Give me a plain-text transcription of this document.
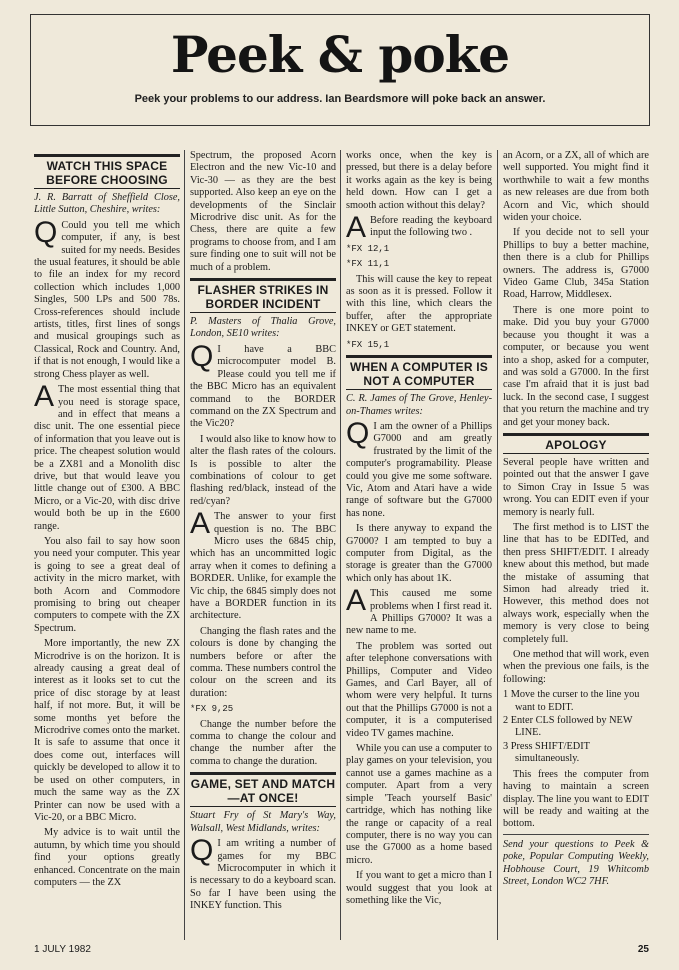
Peek & poke
Peek your problems to our address. Ian Beardsmore will poke back an answer.
WATCH THIS SPACE BEFORE CHOOSING

J. R. Barratt of Sheffield Close, Little Sutton, Cheshire, writes:

Q Could you tell me which computer, if any, is best suited for my needs. Besides the usual features, it should be able to file an index for my record collection which includes 1,000 Singles, 500 LPs and 500 78s. Cross-references should include artists, titles, first lines of songs and musical groupings such as Classical, Rock and Country. And, if that is not enough, I would like a strong Chess player as well.

A The most essential thing that you need is storage space, and in effect that means a disc unit. The one essential piece of information that you leave out is price. The cheapest solution would be a ZX81 and a Monolith disc drive, but that would leave you little change out of £300. A BBC Micro, or a Vic-20, with disc drive would both be up in the £600 range.

You also fail to say how soon you need your computer. This year is going to see a great deal of activity in the micro market, with both Acorn and Commodore promising to bring out cheaper computers to compete with the ZX Spectrum.

More importantly, the new ZX Microdrive is on the horizon. It is already causing a great deal of interest as it looks set to cut the price of disc storage by at least half, if not more. But, it will be some months yet before the Microdrive comes onto the market. It is safe to assume that once it does come out, interfaces will quickly be developed to allow it to be used on other computers, in much the same way as the ZX Printer can now be used with a Vic-20, or a BBC Micro.

My advice is to wait until the autumn, by which time you should find your options greatly enhanced. Concentrate on the main computers — the ZX

Spectrum, the proposed Acorn Electron and the new Vic-10 and Vic-30 — as they are the best supported. Also keep an eye on the developments of the Sinclair Microdrive disc unit. As for the Chess, there are quite a few programs to choose from, and I am sure finding one to suit will not be much of a problem.

FLASHER STRIKES IN BORDER INCIDENT

P. Masters of Thalia Grove, London, SE10 writes:

Q I have a BBC microcomputer model B. Please could you tell me if the BBC Micro has an equivalent command to the BORDER command on the ZX Spectrum and the Vic20?

I would also like to know how to alter the flash rates of the colours. Is is possible to alter the combinations of colour to get flashing red/black, instead of the red/cyan?

A The answer to your first question is no. The BBC Micro uses the 6845 chip, which has an uncommitted logic array when it comes to defining a BORDER. Unlike, for example the Vic chip, the 6845 simply does not have a BORDER function in its architecture.

Changing the flash rates and the colours is done by changing the numbers before or after the comma. These numbers control the colour on the screen and its duration:

*FX 9,25

Change the number before the comma to change the colour and change the number after the comma to change the duration.

GAME, SET AND MATCH—AT ONCE!

Stuart Fry of St Mary's Way, Walsall, West Midlands, writes:

Q I am writing a number of games for my BBC Microcomputer in which it is necessary to do a keyboard scan. So far I have been using the INKEY function. This

works once, when the key is pressed, but there is a delay before it works again as the key is being held down. How can I get a smooth action without this delay?

A Before reading the keyboard input the following two .

*FX 12,1
*FX 11,1

This will cause the key to repeat as soon as it is pressed. Follow it with this line, which clears the buffer, after the appropriate INKEY or GET statement.

*FX 15,1
WHEN A COMPUTER IS NOT A COMPUTER

C. R. James of The Grove, Henley-on-Thames writes:

Q I am the owner of a Phillips G7000 and am greatly frustrated by the limit of the computer's programability. Please could you give me some software. Vic, Atom and Atari have a wide range of software but the G7000 has none.

Is there anyway to expand the G7000? I am tempted to buy a computer from Digital, as the storage is greater than the G7000 which only has about 1K.

A This caused me some problems when I first read it. A Phillips G7000? It was a new name to me.

The problem was sorted out after telephone conversations with Phillips, Computer and Video Games, and Carl Bayer, all of whom were very helpful. It turns out that the Phillips G7000 is not a computer, it is a computerised video TV games machine.

While you can use a computer to play games on your television, you cannot use a games machine as a computer. Apart from a very simple 'Teach yourself Basic' cartridge, which has nothing like the range or capacity of a real computer, there is no way you can use the G7000 as a home based micro.

If you want to get a micro than I would suggest that you look at something like the Vic,

an Acorn, or a ZX, all of which are well supported. You might find it worthwhile to wait a few months as new releases are due from both Acorn and Vic, which should widen your choice.

If you decide not to sell your Phillips to buy a better machine, then there is a club for Phillips owners. The address is, G7000 Video Game Club, 345a Station Road, Harrow, Middlesex.

There is one more point to make. Did you buy your G7000 because you thought it was a computer, or because you went into a shop, asked for a computer, and was sold a G7000. In the first case I'm afraid that it is just bad luck. In the second case, I suggest that you return the machine and try and get your money back.

APOLOGY

Several people have written and pointed out that the answer I gave to Simon Cray in Issue 5 was wrong. You can EDIT even if your memory is nearly full.

The first method is to LIST the line that has to be EDITed, and then press SHIFT/EDIT. I already knew about this method, but made the mistake of assuming that Simon had already tried it. However, this method does not always work, especially when the memory is very close to being completely full.

One method that will work, even when the previous one fails, is the following:

1 Move the curser to the line you want to EDIT.
2 Enter CLS followed by NEW LINE.
3 Press SHIFT/EDIT simultaneously.

This frees the computer from having to maintain a screen display. The line you want to EDIT will be ready and waiting at the bottom.

Send your questions to Peek & poke, Popular Computing Weekly, Hobhouse Court, 19 Whitcomb Street, London WC2 7HF.

1 JULY 1982	25
